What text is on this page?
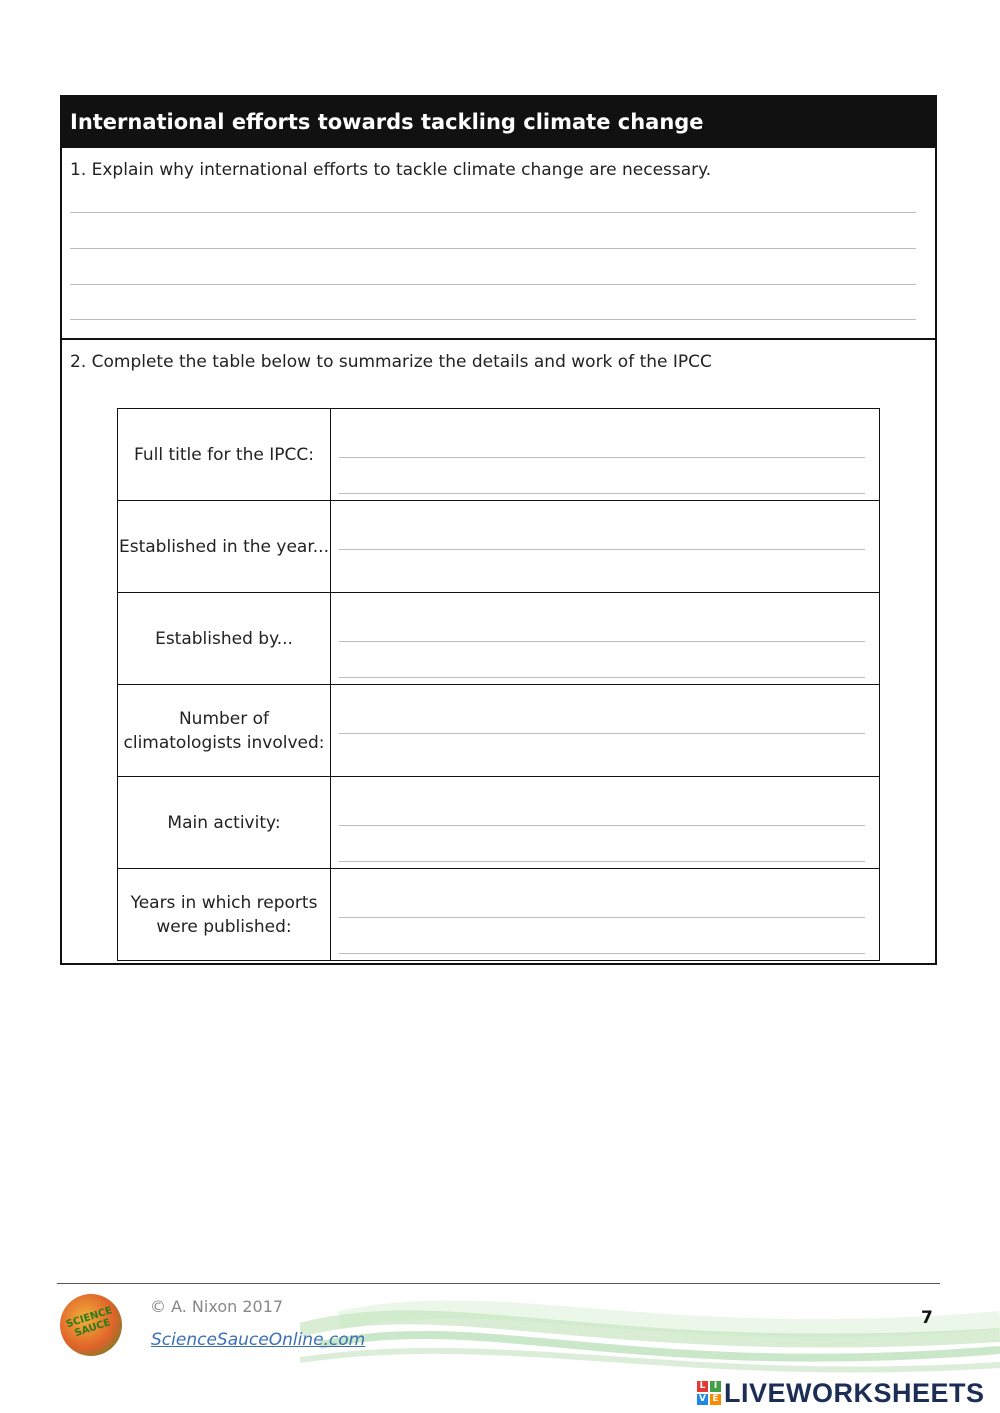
International efforts towards tackling climate change
1. Explain why international efforts to tackle climate change are necessary.
2. Complete the table below to summarize the details and work of the IPCC
Full title for the IPCC:	

Established in the year...	

Established by...	

Number of climatologists involved:	

Main activity:	

Years in which reports were published:	
SCIENCE SAUCE
© A. Nixon 2017
ScienceSauceOnline.com
7
L I
V E LIVEWORKSHEETS
